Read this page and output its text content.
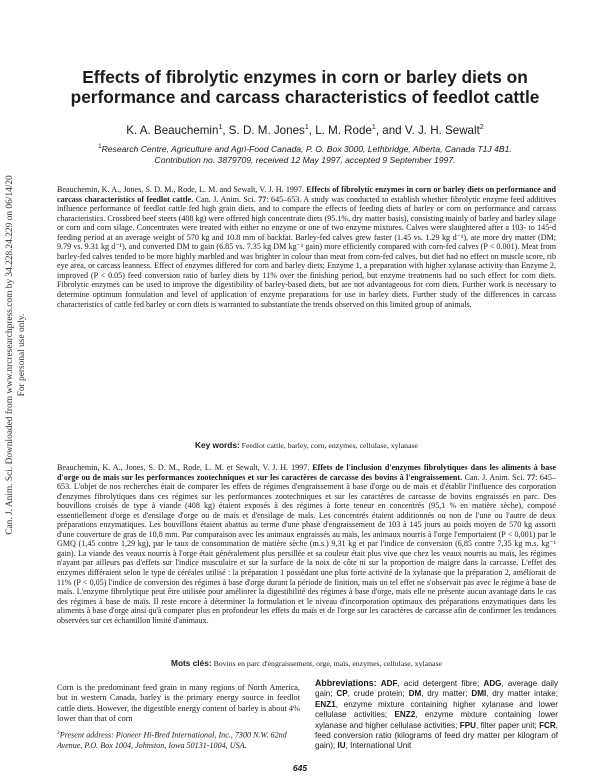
Can. J. Anim. Sci. Downloaded from www.nrcresearchpress.com by 34.228.24.229 on 06/14/20 For personal use only.
Effects of fibrolytic enzymes in corn or barley diets on
performance and carcass characteristics of feedlot cattle
K. A. Beauchemin$^1$, S. D. M. Jones$^1$, L. M. Rode$^1$, and V. J. H. Sewalt$^2$
$^1$Research Centre, Agriculture and Agri-Food Canada, P. O. Box 3000, Lethbridge, Alberta, Canada T1J 4B1.
Contribution no. 3879709, received 12 May 1997, accepted 9 September 1997.
Beauchemin, K. A., Jones, S. D. M., Rode, L. M. and Sewalt, V. J. H. 1997. Effects of fibrolytic enzymes in corn or barley diets on performance and carcass characteristics of feedlot cattle. Can. J. Anim. Sci. 77: 645–653. A study was conducted to establish whether fibrolytic enzyme feed additives influence performance of feedlot cattle fed high grain diets, and to compare the effects of feeding diets of barley or corn on performance and carcass characteristics. Crossbred beef steers (408 kg) were offered high concentrate diets (95.1%, dry matter basis), consisting mainly of barley and barley silage or corn and corn silage. Concentrates were treated with either no enzyme or one of two enzyme mixtures. Calves were slaughtered after a 103- to 145-d feeding period at an average weight of 570 kg and 10.8 mm of backfat. Barley-fed calves grew faster (1.45 vs. 1.29 kg d⁻¹), ate more dry matter (DM; 9.79 vs. 9.31 kg d⁻¹), and converted DM to gain (6.85 vs. 7.35 kg DM kg⁻¹ gain) more efficiently compared with corn-fed calves (P < 0.001). Meat from barley-fed calves tended to be more highly marbled and was brighter in colour than meat from corn-fed calves, but diet had no effect on muscle score, rib eye area, or carcass leanness. Effect of enzymes differed for corn and barley diets; Enzyme 1, a preparation with higher xylanase activity than Enzyme 2, improved (P < 0.05) feed conversion ratio of barley diets by 11% over the finishing period, but enzyme treatments had no such effect for corn diets. Fibrolytic enzymes can be used to improve the digestibility of barley-based diets, but are not advantageous for corn diets. Further work is necessary to determine optimum formulation and level of application of enzyme preparations for use in barley diets. Further study of the differences in carcass characteristics of cattle fed barley or corn diets is warranted to substantiate the trends observed on this limited group of animals.
Key words: Feedlot cattle, barley, corn, enzymes, cellulase, xylanase
Beauchemin, K. A., Jones, S. D. M., Rode, L. M. et Sewalt, V. J. H. 1997. Effets de l'inclusion d'enzymes fibrolytiques dans les aliments à base d'orge ou de maïs sur les performances zootechniques et sur les caractères de carcasse des bovins à l'engraissement. Can. J. Anim. Sci. 77: 645–653. L'objet de nos recherches était de comparer les effets de régimes d'engraissement à base d'orge ou de maïs et d'établir l'influence des corporation d'enzymes fibrolytiques dans ces régimes sur les performances zootechniques et sur les caractères de carcasse de bovins engraissés en parc. Des bouvillons croisés de type à viande (408 kg) étaient exposés à des régimes à forte teneur en concentrés (95,1 % en matière sèche), composé essentiellement d'orge et d'ensilage d'orge ou de maïs et d'ensilage de maïs. Les concentrés étaient additionnés ou non de l'une ou l'autre de deux préparations enzymatiques. Les bouvillons étaient abattus au terme d'une phase d'engraissement de 103 à 145 jours au poids moyen de 570 kg assorti d'une couverture de gras de 10,8 mm. Par comparaison avec les animaux engraissés au maïs, les animaux nourris à l'orge l'emportaient (P < 0,001) par le GMQ (1,45 contre 1,29 kg), par le taux de consommation de matière sèche (m.s.) 9,31 kg et par l'indice de conversion (6,85 contre 7,35 kg m.s. kg⁻¹ gain). La viande des veaux nourris à l'orge était généralement plus persillée et sa couleur était plus vive que chez les veaux nourris au maïs, les régimes n'ayant par ailleurs pas d'effets sur l'indice musculaire et sur la surface de la noix de côte ni sur la proportion de maigre dans la carcasse. L'effet des enzymes différaient selon le type de céréales utilisé : la préparation 1 possédant une plus forte activité de la xylanase que la préparation 2, améliorait de 11% (P < 0,05) l'indice de conversion des régimes à base d'orge durant la période de finition, mais un tel effet ne s'observait pas avec le régime à base de maïs. L'enzyme fibrolytique peut être utilisée pour améliorer la digestibilité des régimes à base d'orge, mais elle ne présente aucun avantage dans le cas des régimes à base de maïs. Il reste encore à déterminer la formulation et le niveau d'incorporation optimaux des préparations enzymatiques dans les aliments à base d'orge ainsi qu'à comparer plus en profondeur les effets du maïs et de l'orge sur les caractères de carcasse afin de confirmer les tendances observées sur cet échantillon limité d'animaux.
Mots clés: Bovins en parc d'engraissement, orge, maïs, enzymes, cellulase, xylanase
Corn is the predominant feed grain in many regions of North America, but in western Canada, barley is the primary energy source in feedlot cattle diets. However, the digestible energy content of barley is about 4% lower than that of corn
$^2$Present address: Pioneer Hi-Bred International, Inc., 7300 N.W. 62nd Avenue, P.O. Box 1004, Johnston, Iowa 50131-1004, USA.
Abbreviations: ADF, acid detergent fibre; ADG, average daily gain; CP, crude protein; DM, dry matter; DMI, dry matter intake; ENZ1, enzyme mixture containing higher xylanase and lower cellulase activities; ENZ2, enzyme mixture containing lower xylanase and higher cellulase activities; FPU, filter paper unit; FCR, feed conversion ratio (kilograms of feed dry matter per kilogram of gain); IU, International Unit
645
